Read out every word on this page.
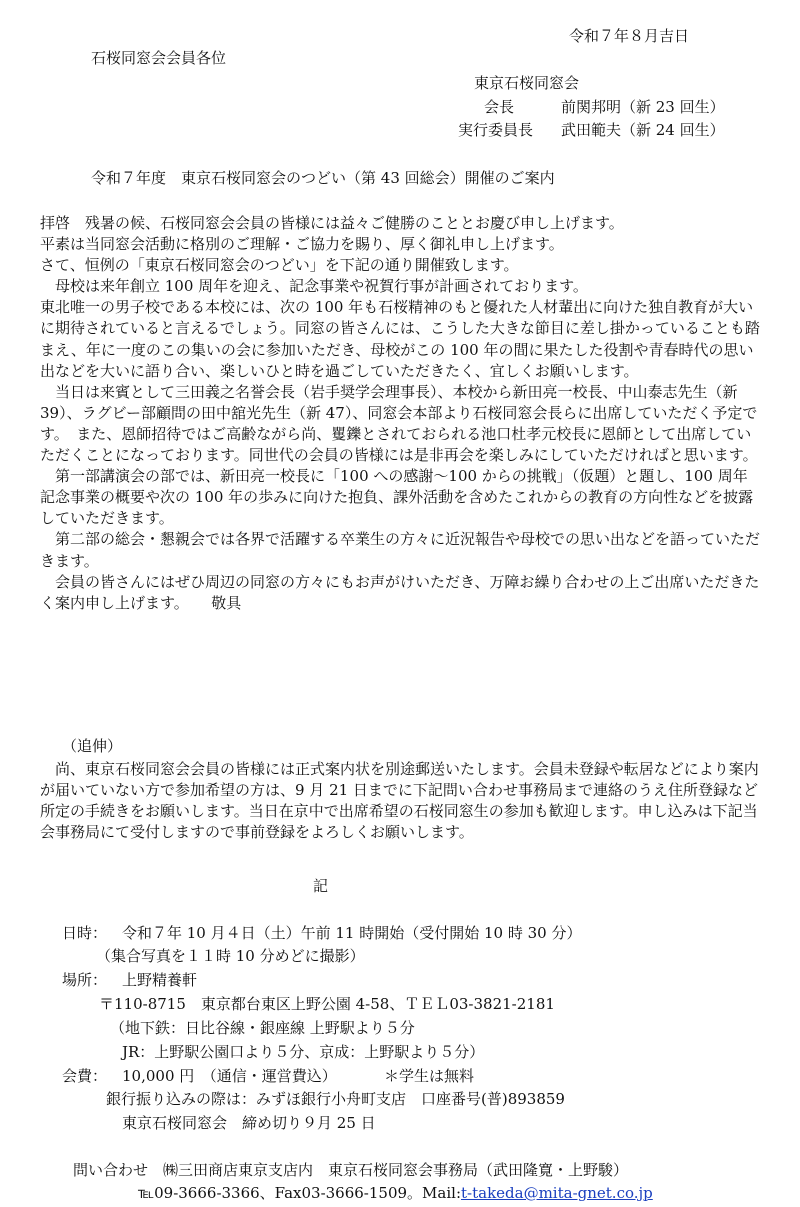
令和７年８月吉日
石桜同窓会会員各位
東京石桜同窓会
会長	前関邦明（新 23 回生）
実行委員長 武田範夫（新 24 回生）
令和７年度　東京石桜同窓会のつどい（第 43 回総会）開催のご案内

拝啓　残暑の候、石桜同窓会会員の皆様には益々ご健勝のこととお慶び申し上げます。

平素は当同窓会活動に格別のご理解・ご協力を賜り、厚く御礼申し上げます。

さて、恒例の「東京石桜同窓会のつどい」を下記の通り開催致します。

　母校は来年創立 100 周年を迎え、記念事業や祝賀行事が計画されております。

東北唯一の男子校である本校には、次の 100 年も石桜精神のもと優れた人材輩出に向けた独自教育が大いに期待されていると言えるでしょう。同窓の皆さんには、こうした大きな節目に差し掛かっていることも踏まえ、年に一度のこの集いの会に参加いただき、母校がこの 100 年の間に果たした役割や青春時代の思い出などを大いに語り合い、楽しいひと時を過ごしていただきたく、宜しくお願いします。

　当日は来賓として三田義之名誉会長（岩手奨学会理事長）、本校から新田亮一校長、中山泰志先生（新 39）、ラグビー部顧問の田中舘光先生（新 47）、同窓会本部より石桜同窓会長らに出席していただく予定です。　また、恩師招待ではご高齢ながら尚、矍鑠とされておられる池口杜孝元校長に恩師として出席していただくことになっております。同世代の会員の皆様には是非再会を楽しみにしていただければと思います。

　第一部講演会の部では、新田亮一校長に「100 への感謝～100 からの挑戦」（仮題）と題し、100 周年記念事業の概要や次の 100 年の歩みに向けた抱負、課外活動を含めたこれからの教育の方向性などを披露していただきます。

　第二部の総会・懇親会では各界で活躍する卒業生の方々に近況報告や母校での思い出などを語っていただきます。

　会員の皆さんにはぜひ周辺の同窓の方々にもお声がけいただき、万障お繰り合わせの上ご出席いただきたく案内申し上げます。　　敬具

（追伸）

　尚、東京石桜同窓会会員の皆様には正式案内状を別途郵送いたします。会員未登録や転居などにより案内が届いていない方で参加希望の方は、9 月 21 日までに下記問い合わせ事務局まで連絡のうえ住所登録など所定の手続きをお願いします。当日在京中で出席希望の石桜同窓生の参加も歓迎します。申し込みは下記当会事務局にて受付しますので事前登録をよろしくお願いします。

記
日時： 令和７年 10 月４日（土）午前 11 時開始（受付開始 10 時 30 分）
（集合写真を１１時 10 分めどに撮影）
場所： 上野精養軒
〒110-8715　東京都台東区上野公園 4-58、ＴＥＬ03-3821-2181
（地下鉄：日比谷線・銀座線 上野駅より５分
JR：上野駅公園口より５分、京成：上野駅より５分）
会費： 10,000 円　（通信・運営費込）	＊学生は無料
銀行振り込みの際は：みずほ銀行小舟町支店　口座番号(普)893859
東京石桜同窓会　締め切り９月 25 日
問い合わせ　㈱三田商店東京支店内　東京石桜同窓会事務局（武田隆寛・上野駿）
℡09-3666-3366、Fax03-3666-1509。Mail:t-takeda@mita-gnet.co.jp
